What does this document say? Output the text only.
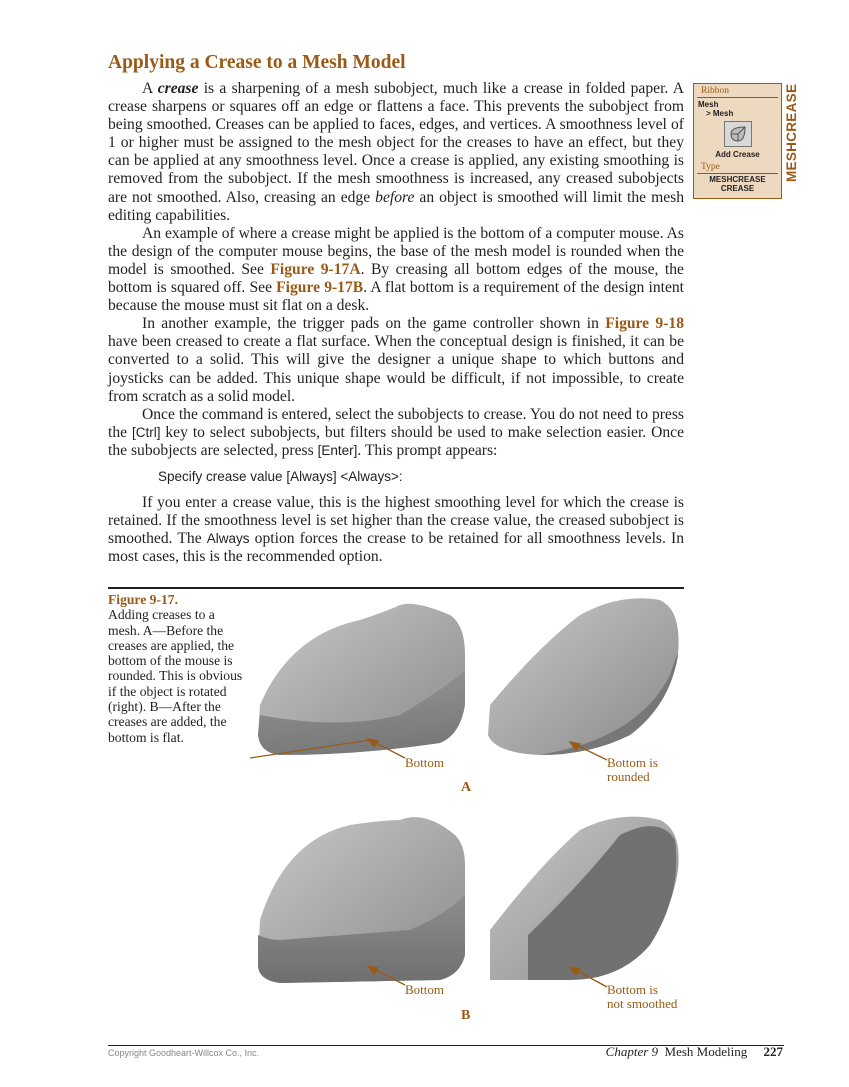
Applying a Crease to a Mesh Model

A crease is a sharpening of a mesh subobject, much like a crease in folded paper. A crease sharpens or squares off an edge or flattens a face. This prevents the subobject from being smoothed. Creases can be applied to faces, edges, and vertices. A smoothness level of 1 or higher must be assigned to the mesh object for the creases to have an effect, but they can be applied at any smoothness level. Once a crease is applied, any existing smoothing is removed from the subobject. If the mesh smoothness is increased, any creased subobjects are not smoothed. Also, creasing an edge before an object is smoothed will limit the mesh editing capabilities.

An example of where a crease might be applied is the bottom of a computer mouse. As the design of the computer mouse begins, the base of the mesh model is rounded when the model is smoothed. See Figure 9-17A. By creasing all bottom edges of the mouse, the bottom is squared off. See Figure 9-17B. A flat bottom is a requirement of the design intent because the mouse must sit flat on a desk.

In another example, the trigger pads on the game controller shown in Figure 9-18 have been creased to create a flat surface. When the conceptual design is finished, it can be converted to a solid. This will give the designer a unique shape to which buttons and joysticks can be added. This unique shape would be difficult, if not impossible, to create from scratch as a solid model.

Once the command is entered, select the subobjects to crease. You do not need to press the [Ctrl] key to select subobjects, but filters should be used to make selection easier. Once the subobjects are selected, press [Enter]. This prompt appears:

Specify crease value [Always] <Always>:

If you enter a crease value, this is the highest smoothing level for which the crease is retained. If the smoothness level is set higher than the crease value, the creased subobject is smoothed. The Always option forces the crease to be retained for all smoothness levels. In most cases, this is the recommended option.

Ribbon
Mesh
> Mesh
Add Crease
Type
MESHCREASE
CREASE
MESHCREASE
Figure 9-17.
Adding creases to a mesh. A—Before the creases are applied, the bottom of the mouse is rounded. This is obvious if the object is rotated (right). B—After the creases are added, the bottom is flat.
Bottom	Bottom is
rounded
A
Bottom	Bottom is
not smoothed
B
Copyright Goodheart-Willcox Co., Inc.	Chapter 9 Mesh Modeling 227
